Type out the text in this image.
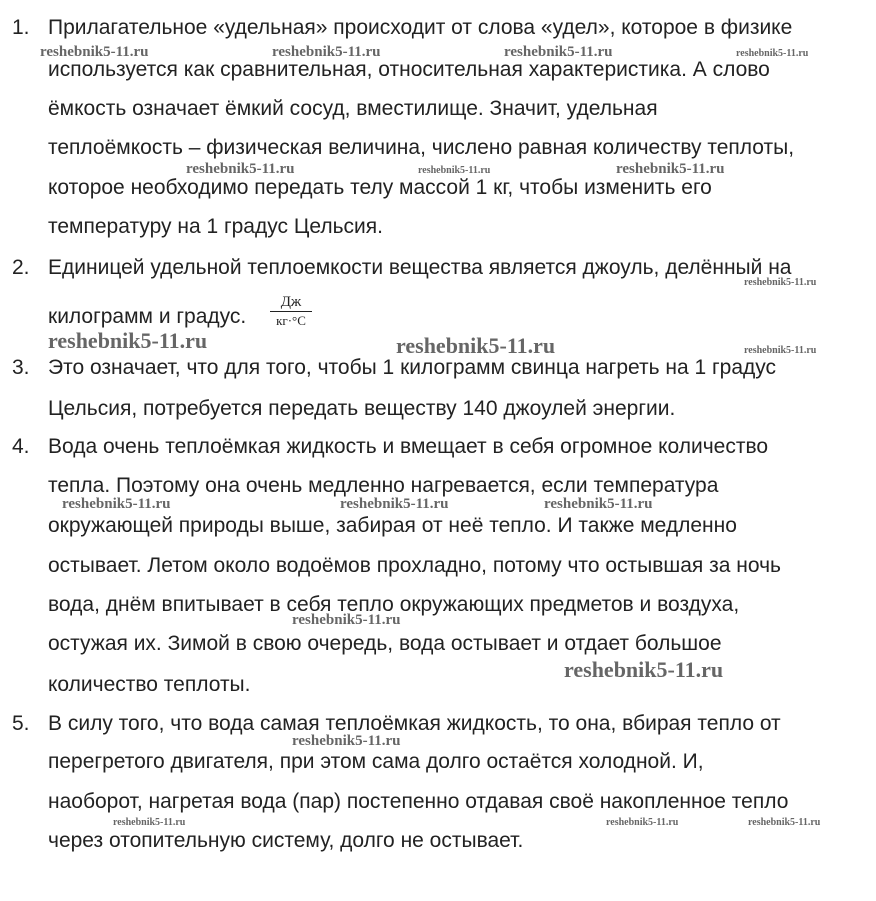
1. Прилагательное «удельная» происходит от слова «удел», которое в физике
используется как сравнительная, относительная характеристика. А слово
ёмкость означает ёмкий сосуд, вместилище. Значит, удельная
теплоёмкость – физическая величина, числено равная количеству теплоты,
которое необходимо передать телу массой 1 кг, чтобы изменить его
температуру на 1 градус Цельсия.
2. Единицей удельной теплоемкости вещества является джоуль, делённый на
килограмм и градус.
Дж
кг·°С
3. Это означает, что для того, чтобы 1 килограмм свинца нагреть на 1 градус
Цельсия, потребуется передать веществу 140 джоулей энергии.
4. Вода очень теплоёмкая жидкость и вмещает в себя огромное количество
тепла. Поэтому она очень медленно нагревается, если температура
окружающей природы выше, забирая от неё тепло. И также медленно
остывает. Летом около водоёмов прохладно, потому что остывшая за ночь
вода, днём впитывает в себя тепло окружающих предметов и воздуха,
остужая их. Зимой в свою очередь, вода остывает и отдает большое
количество теплоты.
5. В силу того, что вода самая теплоёмкая жидкость, то она, вбирая тепло от
перегретого двигателя, при этом сама долго остаётся холодной. И,
наоборот, нагретая вода (пар) постепенно отдавая своё накопленное тепло
через отопительную систему, долго не остывает.
reshebnik5-11.ru	reshebnik5-11.ru	reshebnik5-11.ru	reshebnik5-11.ru
reshebnik5-11.ru	reshebnik5-11.ru	reshebnik5-11.ru
reshebnik5-11.ru
reshebnik5-11.ru	reshebnik5-11.ru	reshebnik5-11.ru
reshebnik5-11.ru	reshebnik5-11.ru	reshebnik5-11.ru
reshebnik5-11.ru
reshebnik5-11.ru
reshebnik5-11.ru
reshebnik5-11.ru	reshebnik5-11.ru	reshebnik5-11.ru
